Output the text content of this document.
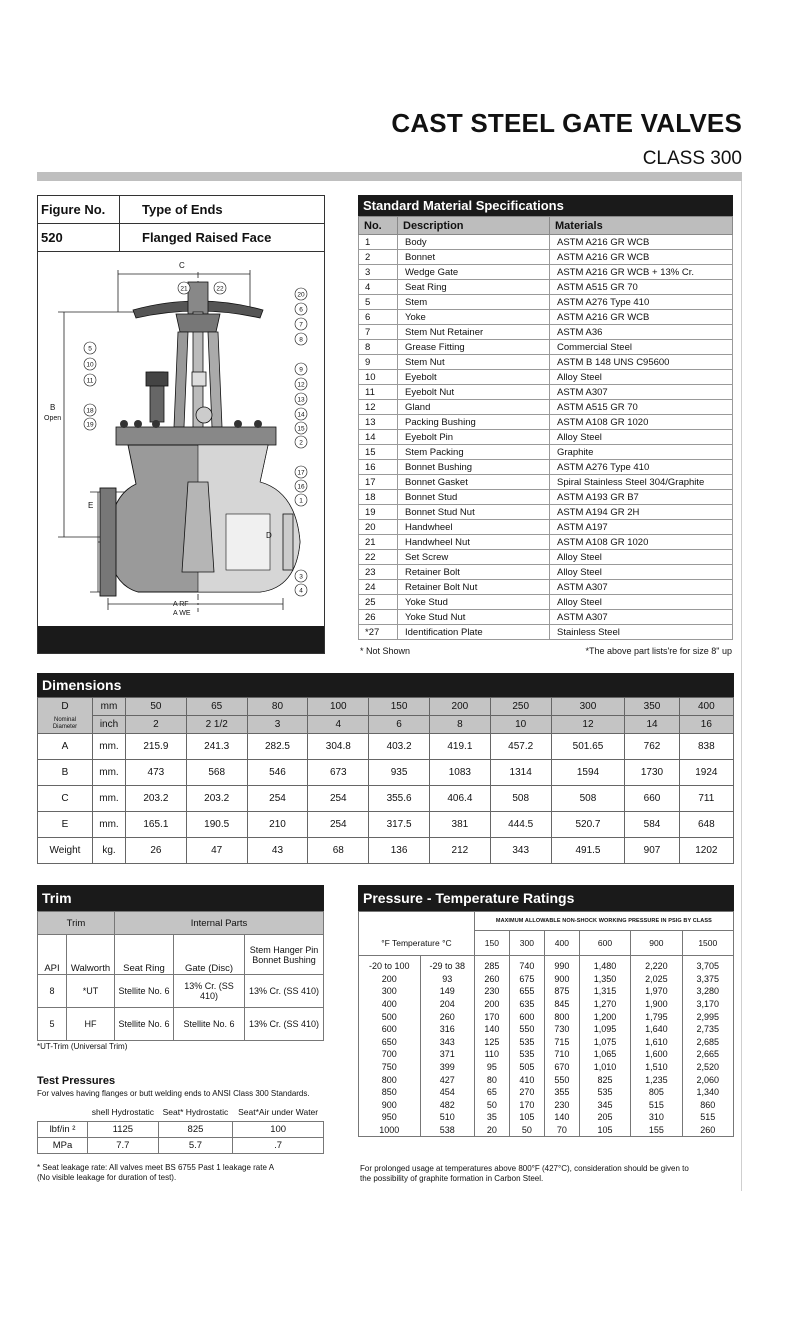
CAST STEEL GATE VALVES
CLASS 300
Figure No.	Type of Ends
520	Flanged Raised Face
C
B
Open
E
D
A RF
A WE
21	22
20
6
7
8
5
10
11
9
12
13
14
18
19
15
2
17
16
1
3
4
Standard Material Specifications
No.	Description	Materials
1	Body	ASTM A216 GR WCB
2	Bonnet	ASTM A216 GR WCB
3	Wedge Gate	ASTM A216 GR WCB + 13% Cr.
4	Seat Ring	ASTM A515 GR 70
5	Stem	ASTM A276 Type 410
6	Yoke	ASTM A216 GR WCB
7	Stem Nut Retainer	ASTM A36
8	Grease Fitting	Commercial Steel
9	Stem Nut	ASTM B 148 UNS C95600
10	Eyebolt	Alloy Steel
11	Eyebolt Nut	ASTM A307
12	Gland	ASTM A515 GR 70
13	Packing Bushing	ASTM A108 GR 1020
14	Eyebolt Pin	Alloy Steel
15	Stem Packing	Graphite
16	Bonnet Bushing	ASTM A276 Type 410
17	Bonnet Gasket	Spiral Stainless Steel 304/Graphite
18	Bonnet Stud	ASTM A193 GR B7
19	Bonnet Stud Nut	ASTM A194 GR 2H
20	Handwheel	ASTM A197
21	Handwheel Nut	ASTM A108 GR 1020
22	Set Screw	Alloy Steel
23	Retainer Bolt	Alloy Steel
24	Retainer Bolt Nut	ASTM A307
25	Yoke Stud	Alloy Steel
26	Yoke Stud Nut	ASTM A307
*27	Identification Plate	Stainless Steel
* Not Shown	*The above part lists're for size 8" up
Dimensions
D	mm	50	65	80	100	150	200	250	300	350	400

Nominal
Diameter	inch	2	2 1/2	3	4	6	8	10	12	14	16
A	mm.	215.9	241.3	282.5	304.8	403.2	419.1	457.2	501.65	762	838
B	mm.	473	568	546	673	935	1083	1314	1594	1730	1924
C	mm.	203.2	203.2	254	254	355.6	406.4	508	508	660	711
E	mm.	165.1	190.5	210	254	317.5	381	444.5	520.7	584	648
Weight	kg.	26	47	43	68	136	212	343	491.5	907	1202
Trim
Trim		Internal Parts		
API	Walworth	Seat Ring	Gate (Disc)	Stem Hanger Pin Bonnet Bushing
8	*UT	Stellite No. 6	13% Cr. (SS 410)	13% Cr. (SS 410)
5	HF	Stellite No. 6	Stellite No. 6	13% Cr. (SS 410)
*UT-Trim (Universal Trim)
Test Pressures
For valves having flanges or butt welding ends to ANSI Class 300 Standards.
	shell Hydrostatic	Seat* Hydrostatic	Seat*Air under Water
lbf/in ²	1125	825	100
MPa	7.7	5.7	.7
* Seat leakage rate: All valves meet BS 6755 Past 1 leakage rate A
(No visible leakage for duration of test).
Pressure - Temperature Ratings
		MAXIMUM ALLOWABLE NON-SHOCK WORKING PRESSURE IN PSIG BY CLASS					
°F Temperature °C		150	300	400	600	900	1500
-20 to 100	-29 to 38	285	740	990	1,480	2,220	3,705
200	93	260	675	900	1,350	2,025	3,375
300	149	230	655	875	1,315	1,970	3,280
400	204	200	635	845	1,270	1,900	3,170
500	260	170	600	800	1,200	1,795	2,995
600	316	140	550	730	1,095	1,640	2,735
650	343	125	535	715	1,075	1,610	2,685
700	371	110	535	710	1,065	1,600	2,665
750	399	95	505	670	1,010	1,510	2,520
800	427	80	410	550	825	1,235	2,060
850	454	65	270	355	535	805	1,340
900	482	50	170	230	345	515	860
950	510	35	105	140	205	310	515
1000	538	20	50	70	105	155	260
For prolonged usage at temperatures above 800°F (427°C), consideration should be given to
the possibility of graphite formation in Carbon Steel.
